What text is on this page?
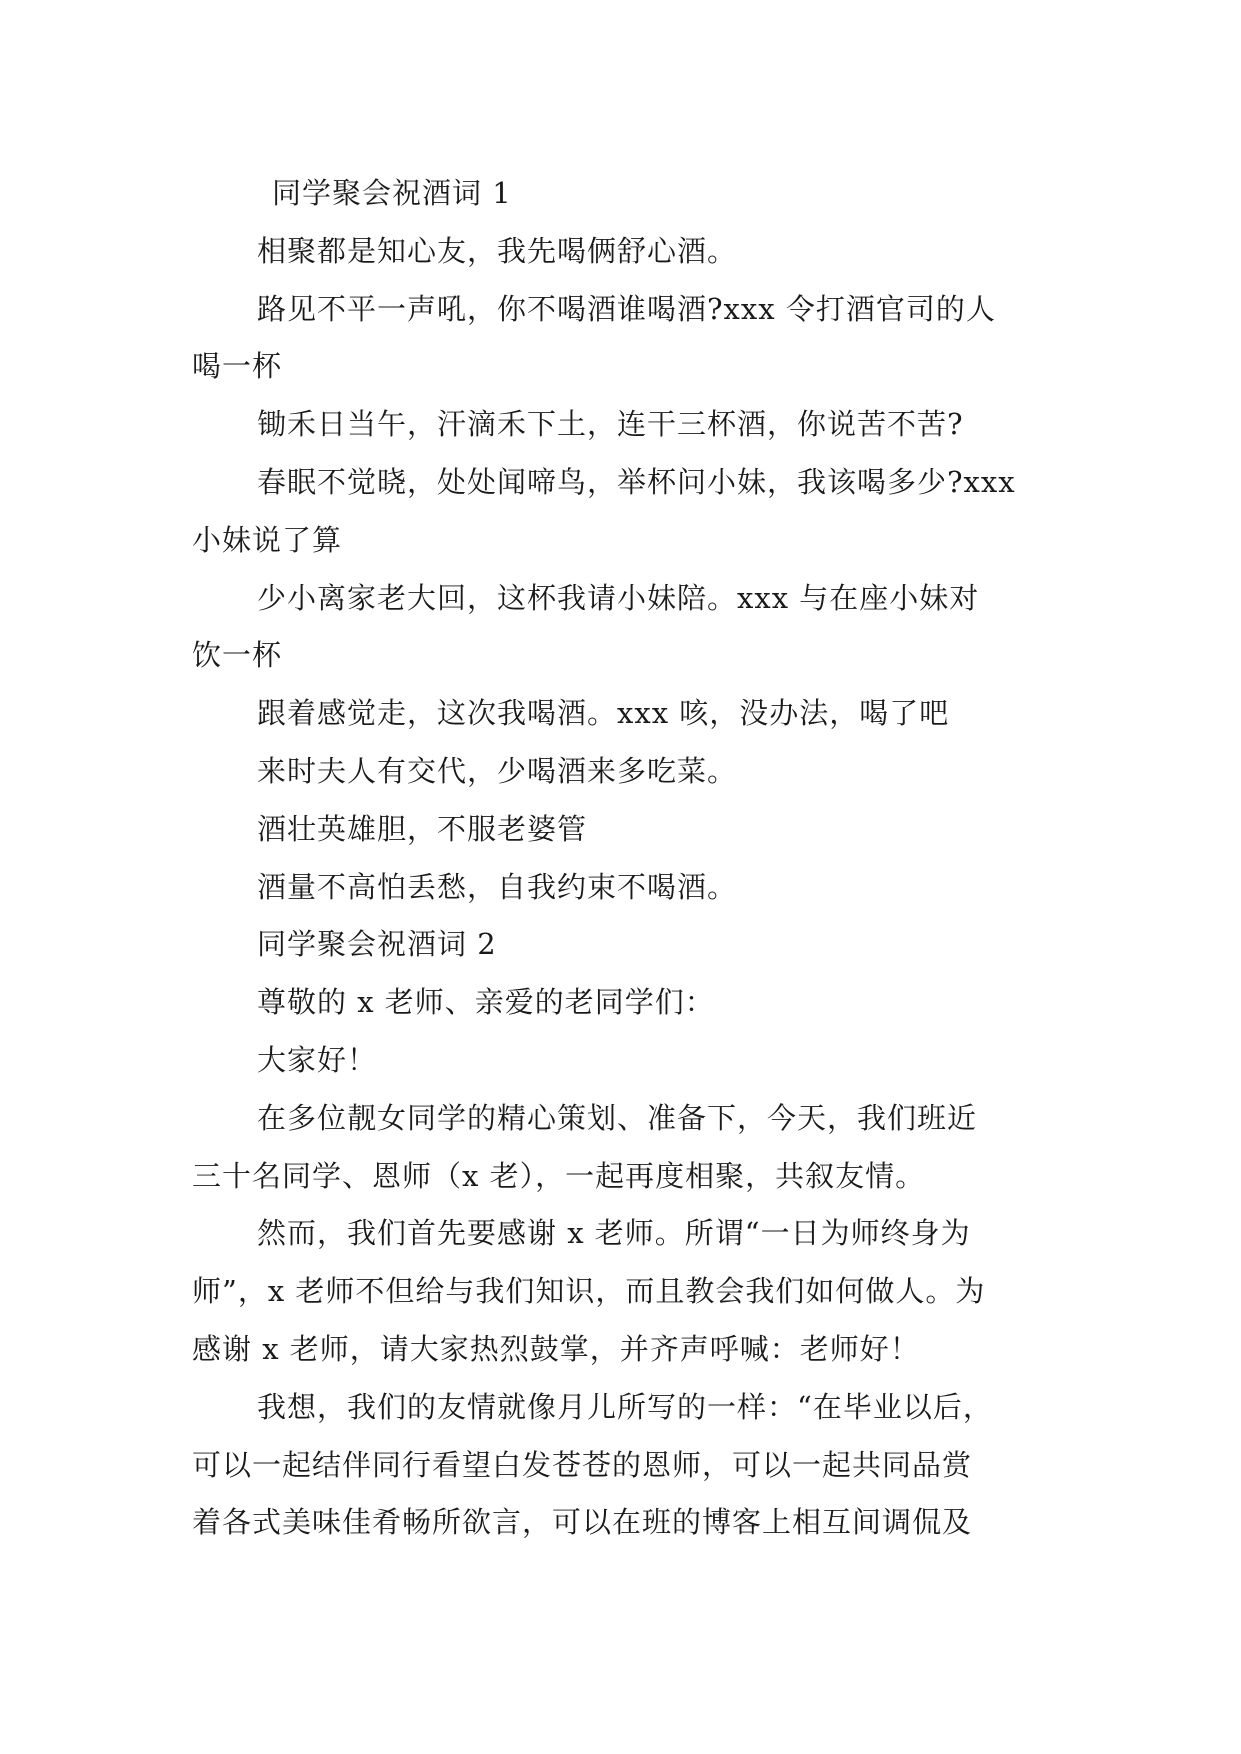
同学聚会祝酒词 1
相聚都是知心友，我先喝俩舒心酒。
路见不平一声吼，你不喝酒谁喝酒?xxx 令打酒官司的人
喝一杯
锄禾日当午，汗滴禾下土，连干三杯酒，你说苦不苦?
春眠不觉晓，处处闻啼鸟，举杯问小妹，我该喝多少?xxx
小妹说了算
少小离家老大回，这杯我请小妹陪。xxx 与在座小妹对
饮一杯
跟着感觉走，这次我喝酒。xxx 咳，没办法，喝了吧
来时夫人有交代，少喝酒来多吃菜。
酒壮英雄胆，不服老婆管
酒量不高怕丢愁，自我约束不喝酒。
同学聚会祝酒词 2
尊敬的 x 老师、亲爱的老同学们：
大家好！
在多位靓女同学的精心策划、准备下，今天，我们班近
三十名同学、恩师（x 老），一起再度相聚，共叙友情。
然而，我们首先要感谢 x 老师。所谓“一日为师终身为
师”，x 老师不但给与我们知识，而且教会我们如何做人。为
感谢 x 老师，请大家热烈鼓掌，并齐声呼喊：老师好！
我想，我们的友情就像月儿所写的一样：“在毕业以后，
可以一起结伴同行看望白发苍苍的恩师，可以一起共同品赏
着各式美味佳肴畅所欲言，可以在班的博客上相互间调侃及
